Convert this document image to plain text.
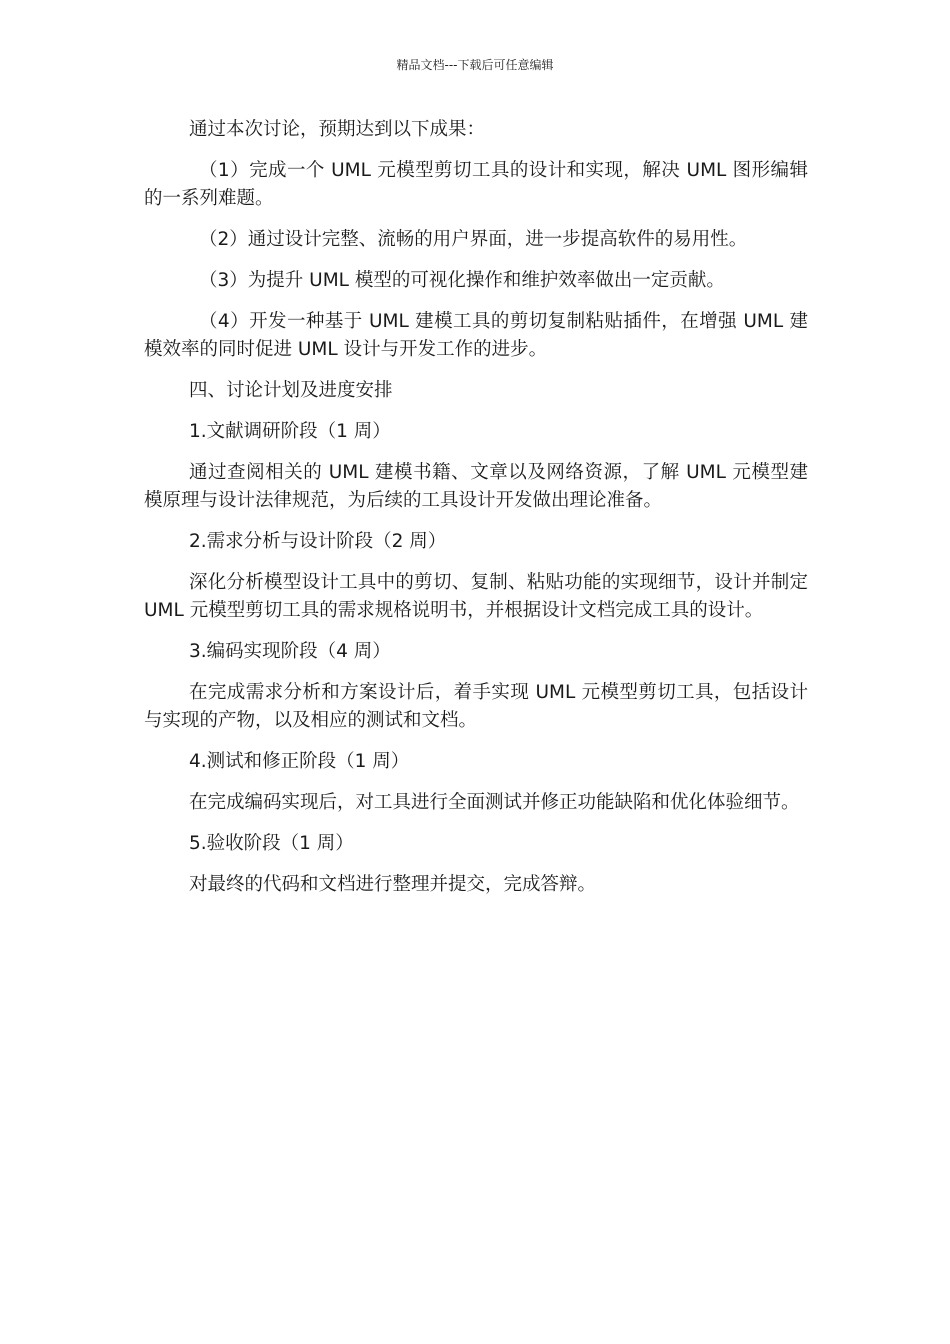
精品文档---下载后可任意编辑

通过本次讨论，预期达到以下成果：

（1）完成一个 UML 元模型剪切工具的设计和实现，解决 UML 图形编辑的一系列难题。

（2）通过设计完整、流畅的用户界面，进一步提高软件的易用性。

（3）为提升 UML 模型的可视化操作和维护效率做出一定贡献。

（4）开发一种基于 UML 建模工具的剪切复制粘贴插件，在增强 UML 建模效率的同时促进 UML 设计与开发工作的进步。

四、讨论计划及进度安排

1.文献调研阶段（1 周）

通过查阅相关的 UML 建模书籍、文章以及网络资源，了解 UML 元模型建模原理与设计法律规范，为后续的工具设计开发做出理论准备。

2.需求分析与设计阶段（2 周）

深化分析模型设计工具中的剪切、复制、粘贴功能的实现细节，设计并制定 UML 元模型剪切工具的需求规格说明书，并根据设计文档完成工具的设计。

3.编码实现阶段（4 周）

在完成需求分析和方案设计后，着手实现 UML 元模型剪切工具，包括设计与实现的产物，以及相应的测试和文档。

4.测试和修正阶段（1 周）

在完成编码实现后，对工具进行全面测试并修正功能缺陷和优化体验细节。

5.验收阶段（1 周）

对最终的代码和文档进行整理并提交，完成答辩。
